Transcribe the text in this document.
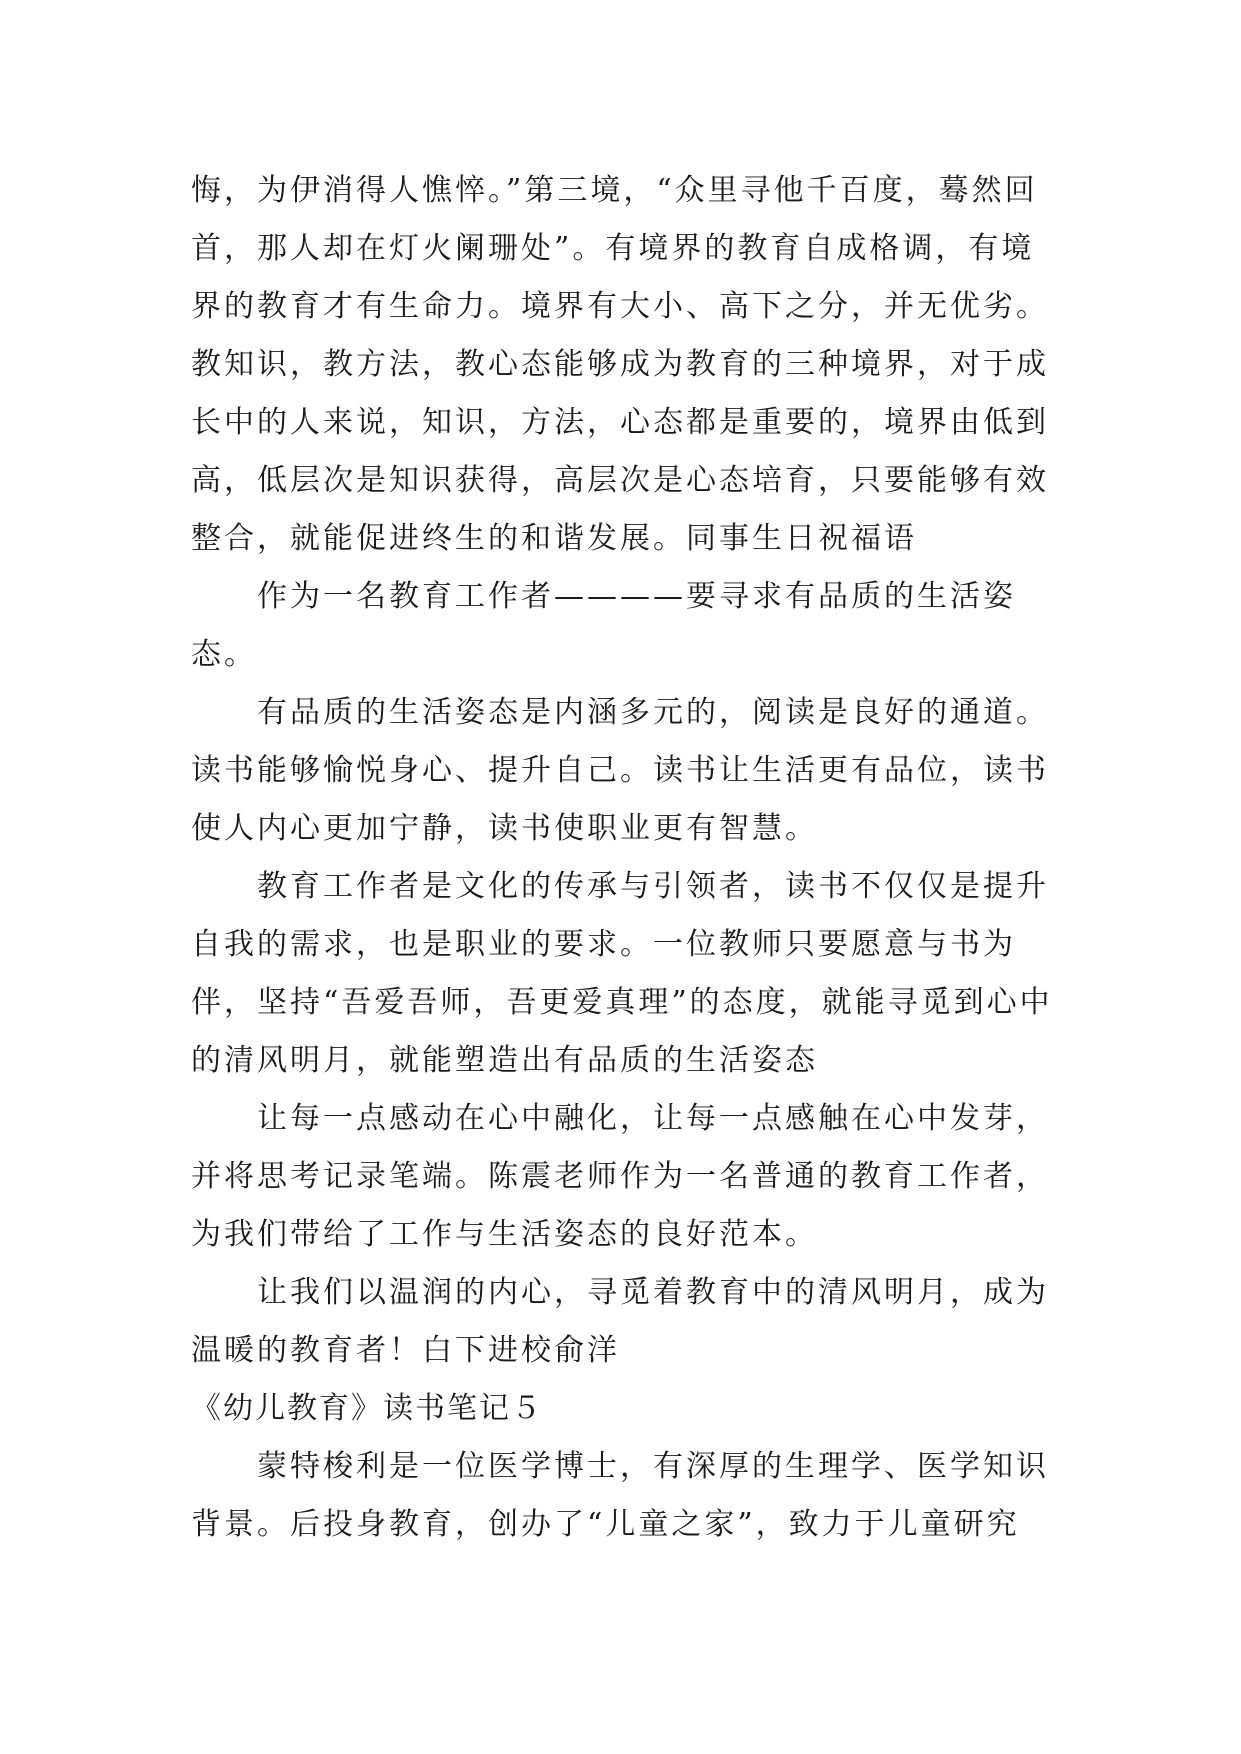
悔，为伊消得人憔悴。”第三境，“众里寻他千百度，蓦然回首，那人却在灯火阑珊处”。有境界的教育自成格调，有境界的教育才有生命力。境界有大小、高下之分，并无优劣。教知识，教方法，教心态能够成为教育的三种境界，对于成长中的人来说，知识，方法，心态都是重要的，境界由低到高，低层次是知识获得，高层次是心态培育，只要能够有效整合，就能促进终生的和谐发展。同事生日祝福语

作为一名教育工作者————要寻求有品质的生活姿态。

有品质的生活姿态是内涵多元的，阅读是良好的通道。读书能够愉悦身心、提升自己。读书让生活更有品位，读书使人内心更加宁静，读书使职业更有智慧。

教育工作者是文化的传承与引领者，读书不仅仅是提升自我的需求，也是职业的要求。一位教师只要愿意与书为伴，坚持“吾爱吾师，吾更爱真理”的态度，就能寻觅到心中的清风明月，就能塑造出有品质的生活姿态

让每一点感动在心中融化，让每一点感触在心中发芽，并将思考记录笔端。陈震老师作为一名普通的教育工作者，为我们带给了工作与生活姿态的良好范本。

让我们以温润的内心，寻觅着教育中的清风明月，成为温暖的教育者！白下进校俞洋

《幼儿教育》读书笔记５

蒙特梭利是一位医学博士，有深厚的生理学、医学知识背景。后投身教育，创办了“儿童之家”，致力于儿童研究
